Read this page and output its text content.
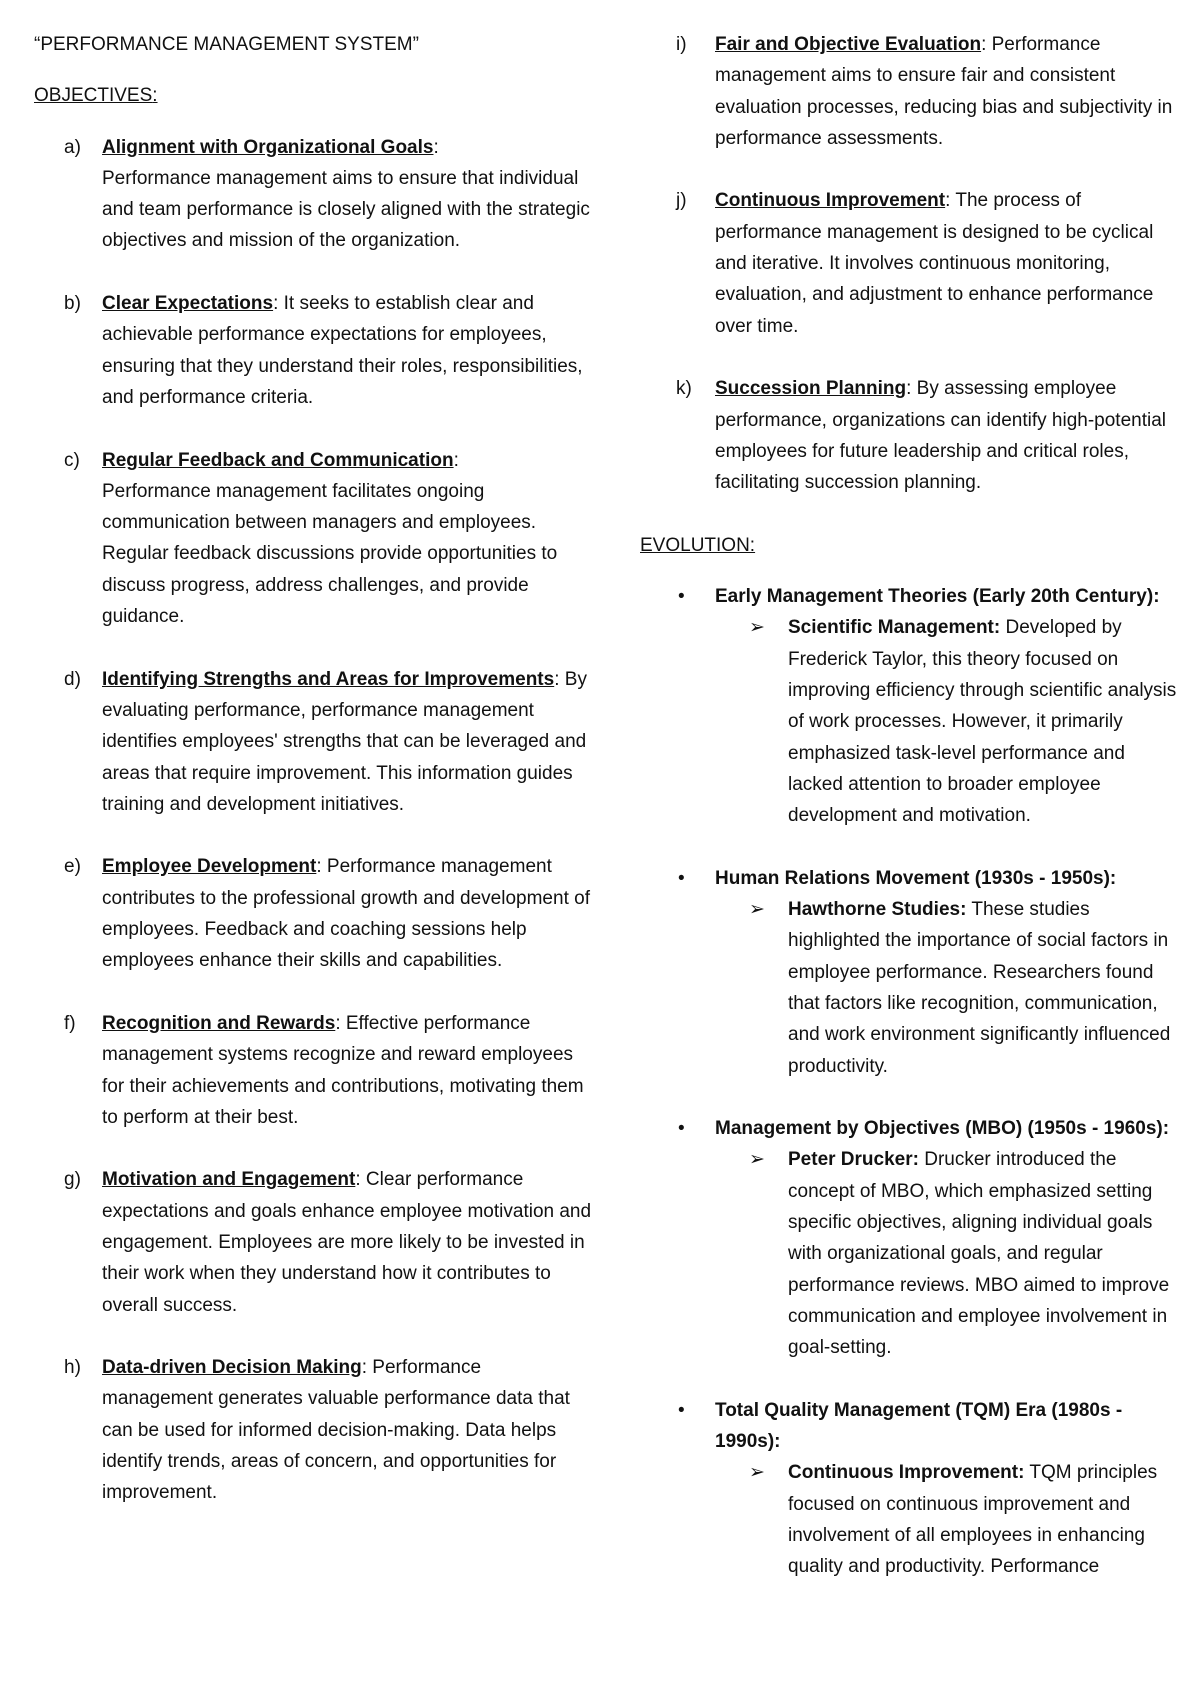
“PERFORMANCE MANAGEMENT SYSTEM”
OBJECTIVES:
a) Alignment with Organizational Goals:
Performance management aims to ensure that individual and team performance is closely aligned with the strategic objectives and mission of the organization.
b) Clear Expectations: It seeks to establish clear and achievable performance expectations for employees, ensuring that they understand their roles, responsibilities, and performance criteria.
c) Regular Feedback and Communication:
Performance management facilitates ongoing communication between managers and employees. Regular feedback discussions provide opportunities to discuss progress, address challenges, and provide guidance.
d) Identifying Strengths and Areas for Improvements: By evaluating performance, performance management identifies employees' strengths that can be leveraged and areas that require improvement. This information guides training and development initiatives.
e) Employee Development: Performance management contributes to the professional growth and development of employees. Feedback and coaching sessions help employees enhance their skills and capabilities.
f) Recognition and Rewards: Effective performance management systems recognize and reward employees for their achievements and contributions, motivating them to perform at their best.
g) Motivation and Engagement: Clear performance expectations and goals enhance employee motivation and engagement. Employees are more likely to be invested in their work when they understand how it contributes to overall success.
h) Data-driven Decision Making: Performance management generates valuable performance data that can be used for informed decision-making. Data helps identify trends, areas of concern, and opportunities for improvement.
i) Fair and Objective Evaluation: Performance management aims to ensure fair and consistent evaluation processes, reducing bias and subjectivity in performance assessments.
j) Continuous Improvement: The process of performance management is designed to be cyclical and iterative. It involves continuous monitoring, evaluation, and adjustment to enhance performance over time.
k) Succession Planning: By assessing employee performance, organizations can identify high-potential employees for future leadership and critical roles, facilitating succession planning.
EVOLUTION:
• Early Management Theories (Early 20th Century):
➢ Scientific Management: Developed by Frederick Taylor, this theory focused on improving efficiency through scientific analysis of work processes. However, it primarily emphasized task-level performance and lacked attention to broader employee development and motivation.
• Human Relations Movement (1930s - 1950s):
➢ Hawthorne Studies: These studies highlighted the importance of social factors in employee performance. Researchers found that factors like recognition, communication, and work environment significantly influenced productivity.
• Management by Objectives (MBO) (1950s - 1960s):
➢ Peter Drucker: Drucker introduced the concept of MBO, which emphasized setting specific objectives, aligning individual goals with organizational goals, and regular performance reviews. MBO aimed to improve communication and employee involvement in goal-setting.
• Total Quality Management (TQM) Era (1980s - 1990s):
➢ Continuous Improvement: TQM principles focused on continuous improvement and involvement of all employees in enhancing quality and productivity. Performance
